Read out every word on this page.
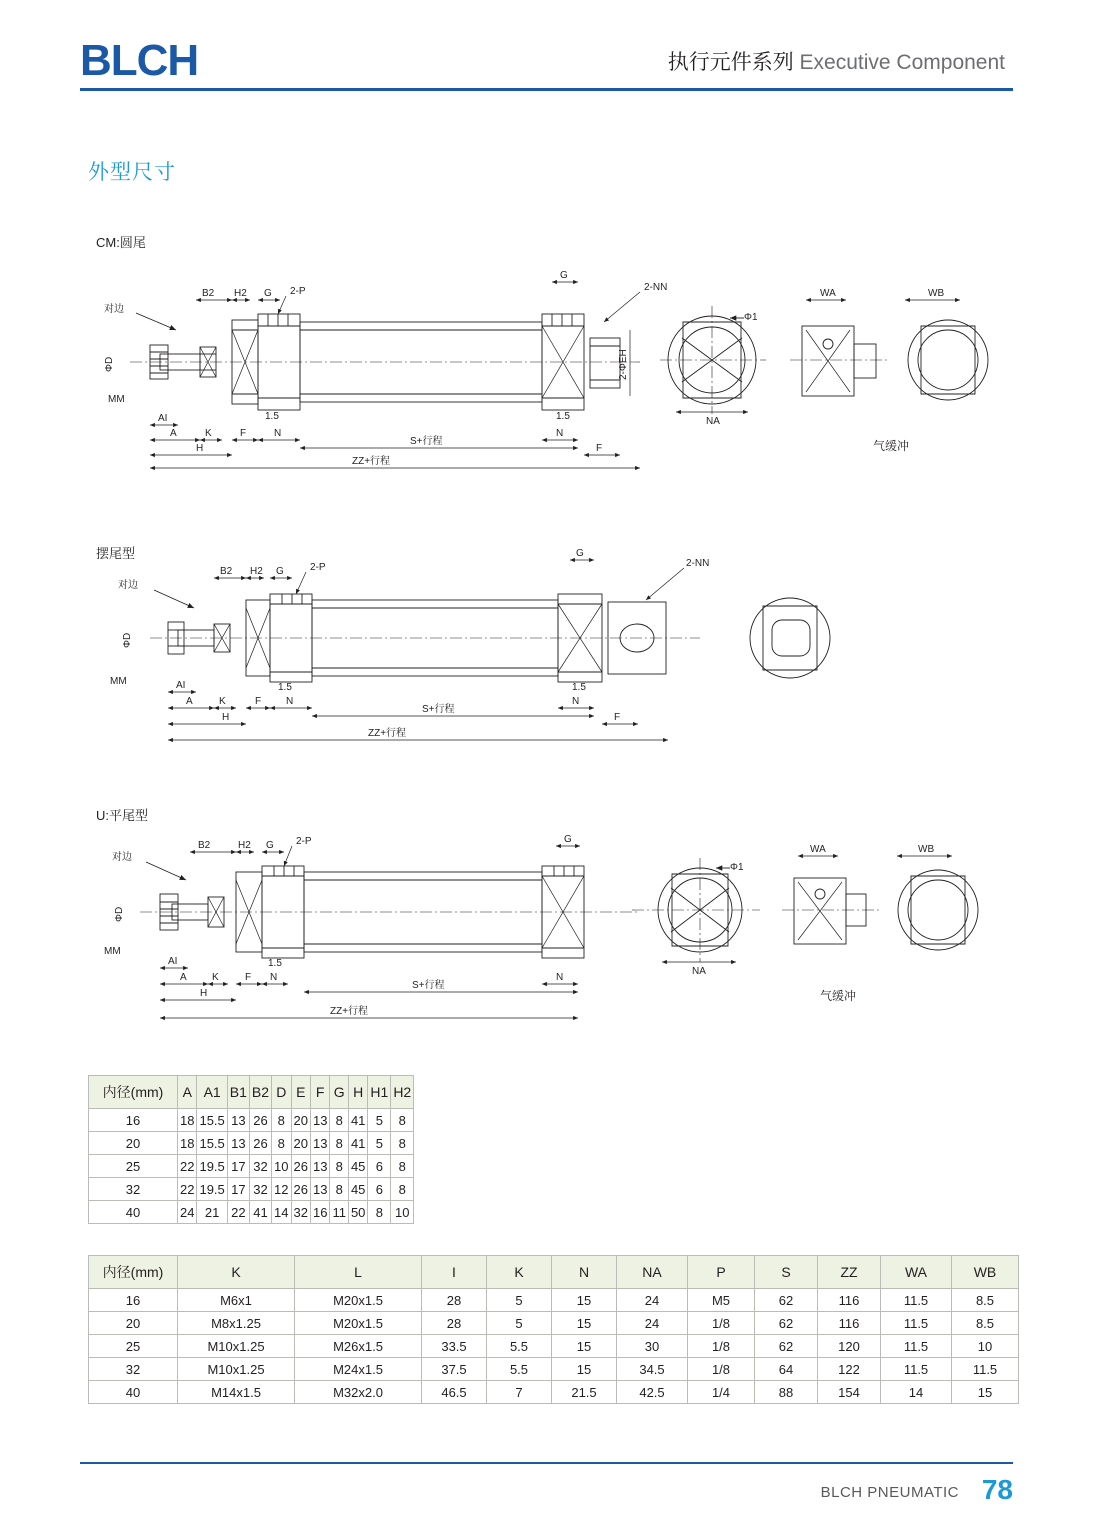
BLCH	执行元件系列 Executive Component
外型尺寸
CM:圆尾
摆尾型
U:平尾型
对边
ΦD
MM
AI
A	K
H
F	N
1.5
S+行程
ZZ+行程
N
1.5
F
B2 H2 G 2-P
G
2-NN
2-ΦEH
Φ1
NA
WA
气缓冲
WB
对边
ΦD
MM	AI
A	K
H
F N
1.5
S+行程
ZZ+行程
N
1.5
F
B2 H2 G	2-P
G
2-NN
对边
ΦD
MM
AI
A	K
H
F N
1.5
S+行程
ZZ+行程
N
B2	H2 G 2-P	G
Φ1
NA
WA
气缓冲
WB
内径(mm)	A	A1	B1	B2	D	E	F	G	H	H1	H2
16	18	15.5	13	26	8	20	13	8	41	5	8
20	18	15.5	13	26	8	20	13	8	41	5	8
25	22	19.5	17	32	10	26	13	8	45	6	8
32	22	19.5	17	32	12	26	13	8	45	6	8
40	24	21	22	41	14	32	16	11	50	8	10
内径(mm)	K	L	I	K	N	NA	P	S	ZZ	WA	WB
16	M6x1	M20x1.5	28	5	15	24	M5	62	116	11.5	8.5
20	M8x1.25	M20x1.5	28	5	15	24	1/8	62	116	11.5	8.5
25	M10x1.25	M26x1.5	33.5	5.5	15	30	1/8	62	120	11.5	10
32	M10x1.25	M24x1.5	37.5	5.5	15	34.5	1/8	64	122	11.5	11.5
40	M14x1.5	M32x2.0	46.5	7	21.5	42.5	1/4	88	154	14	15
BLCH PNEUMATIC 78
